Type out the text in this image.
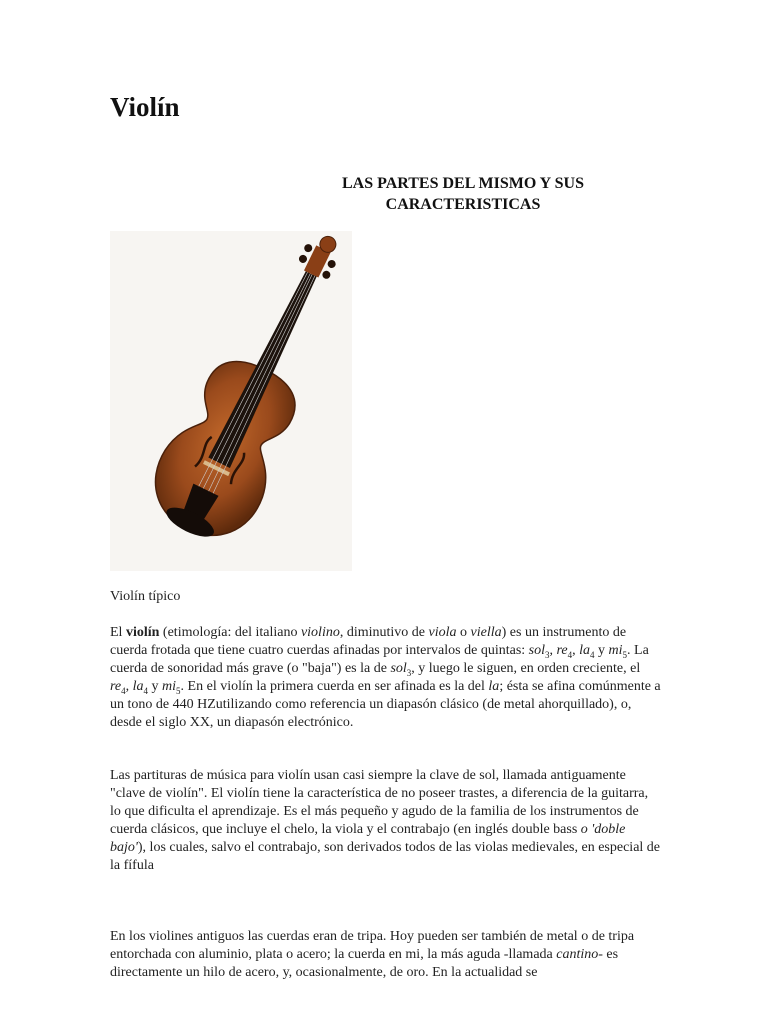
Violín
LAS PARTES DEL MISMO Y SUS CARACTERISTICAS
Violín típico

El violín (etimología: del italiano violino, diminutivo de viola o viella) es un instrumento de cuerda frotada que tiene cuatro cuerdas afinadas por intervalos de quintas: sol$_3$, $re_4$, $la_4$ y $mi_5$. La cuerda de sonoridad más grave (o "baja") es la de sol$_3$, y luego le siguen, en orden creciente, el $re_4$, $la_4$ y $mi_5$. En el violín la primera cuerda en ser afinada es la del la; ésta se afina comúnmente a un tono de 440 HZutilizando como referencia un diapasón clásico (de metal ahorquillado), o, desde el siglo XX, un diapasón electrónico.

Las partituras de música para violín usan casi siempre la clave de sol, llamada antiguamente "clave de violín". El violín tiene la característica de no poseer trastes, a diferencia de la guitarra, lo que dificulta el aprendizaje. Es el más pequeño y agudo de la familia de los instrumentos de cuerda clásicos, que incluye el chelo, la viola y el contrabajo (en inglés double bass o 'doble bajo'), los cuales, salvo el contrabajo, son derivados todos de las violas medievales, en especial de la fífula

En los violines antiguos las cuerdas eran de tripa. Hoy pueden ser también de metal o de tripa entorchada con aluminio, plata o acero; la cuerda en mi, la más aguda -llamada cantino- es directamente un hilo de acero, y, ocasionalmente, de oro. En la actualidad se
